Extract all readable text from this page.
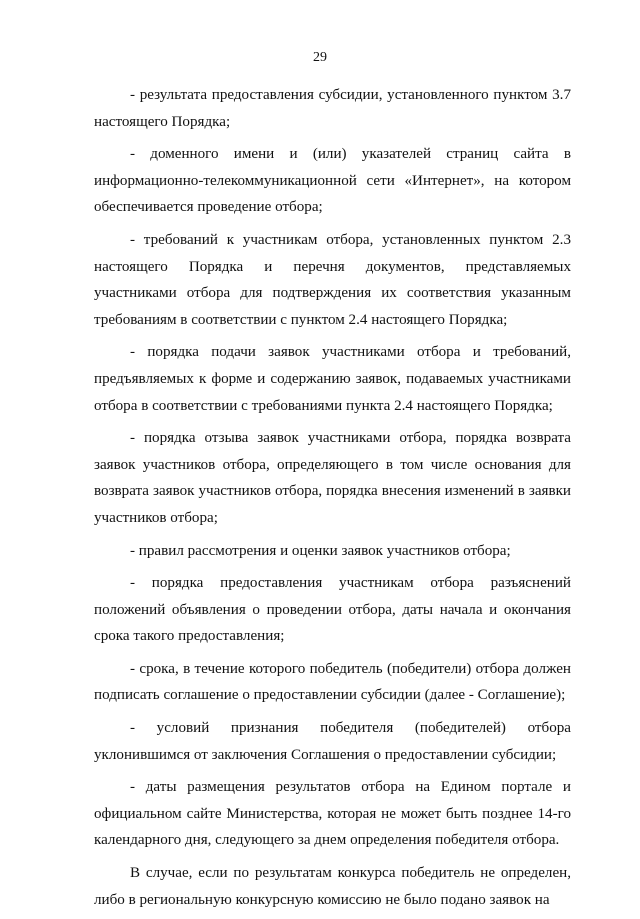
29

- результата предоставления субсидии, установленного пунктом 3.7 настоящего Порядка;

- доменного имени и (или) указателей страниц сайта в информационно-телекоммуникационной сети «Интернет», на котором обеспечивается проведение отбора;

- требований к участникам отбора, установленных пунктом 2.3 настоящего Порядка и перечня документов, представляемых участниками отбора для подтверждения их соответствия указанным требованиям в соответствии с пунктом 2.4 настоящего Порядка;

- порядка подачи заявок участниками отбора и требований, предъявляемых к форме и содержанию заявок, подаваемых участниками отбора в соответствии с требованиями пункта 2.4 настоящего Порядка;

- порядка отзыва заявок участниками отбора, порядка возврата заявок участников отбора, определяющего в том числе основания для возврата заявок участников отбора, порядка внесения изменений в заявки участников отбора;

- правил рассмотрения и оценки заявок участников отбора;

- порядка предоставления участникам отбора разъяснений положений объявления о проведении отбора, даты начала и окончания срока такого предоставления;

- срока, в течение которого победитель (победители) отбора должен подписать соглашение о предоставлении субсидии (далее - Соглашение);

- условий признания победителя (победителей) отбора уклонившимся от заключения Соглашения о предоставлении субсидии;

- даты размещения результатов отбора на Едином портале и официальном сайте Министерства, которая не может быть позднее 14-го календарного дня, следующего за днем определения победителя отбора.

В случае, если по результатам конкурса победитель не определен, либо в региональную конкурсную комиссию не было подано заявок на
